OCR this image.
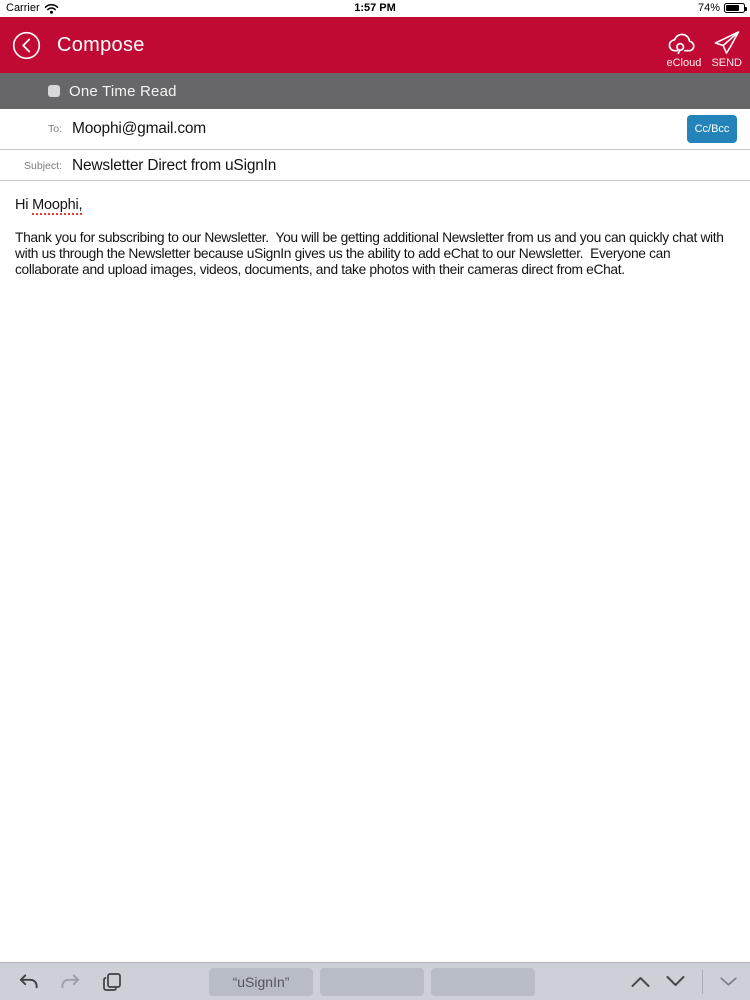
Carrier	1:57 PM	74%
Compose
eCloud SEND
One Time Read
To: Moophi@gmail.com	Cc/Bcc
Subject: Newsletter Direct from uSignIn
Hi Moophi,
Thank you for subscribing to our Newsletter.  You will be getting additional Newsletter from us and you can quickly chat with with us through the Newsletter because uSignIn gives us the ability to add eChat to our Newsletter.  Everyone can collaborate and upload images, videos, documents, and take photos with their cameras direct from eChat.
“uSignIn”
